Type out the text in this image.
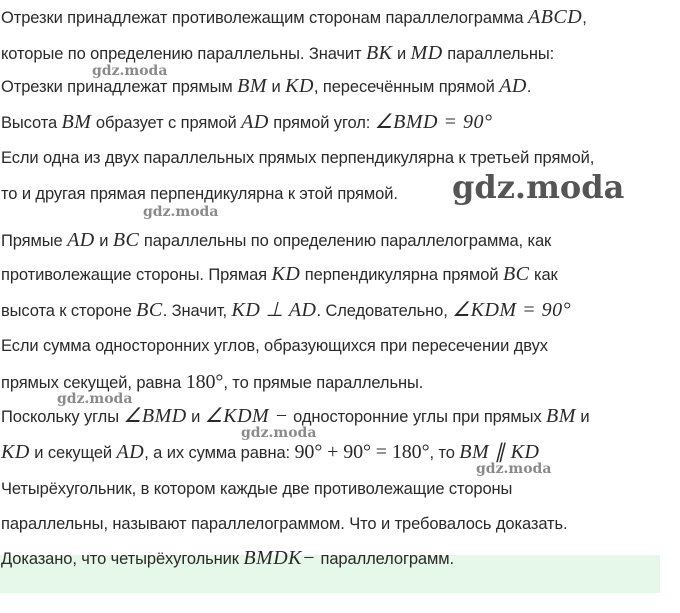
Отрезки принадлежат противолежащим сторонам параллелограмма ABCD,
которые по определению параллельны. Значит BK и MD параллельны:
Отрезки принадлежат прямым BM и KD, пересечённым прямой AD.
Высота BM образует с прямой AD прямой угол: ∠BMD = 90°
Если одна из двух параллельных прямых перпендикулярна к третьей прямой,
то и другая прямая перпендикулярна к этой прямой.
Прямые AD и BC параллельны по определению параллелограмма, как
противолежащие стороны. Прямая KD перпендикулярна прямой BC как
высота к стороне BC. Значит, KD ⊥ AD. Следовательно, ∠KDM = 90°
Если сумма односторонних углов, образующихся при пересечении двух
прямых секущей, равна 180°, то прямые параллельны.
Поскольку углы ∠BMD и ∠KDM − односторонние углы при прямых BM и
KD и секущей AD, а их сумма равна: 90° + 90° = 180°, то BM ∥ KD
Четырёхугольник, в котором каждые две противолежащие стороны
параллельны, называют параллелограммом. Что и требовалось доказать.
Доказано, что четырёхугольник BMDK− параллелограмм.
gdz.moda
gdz.moda
gdz.moda
gdz.moda
gdz.moda
gdz.moda
